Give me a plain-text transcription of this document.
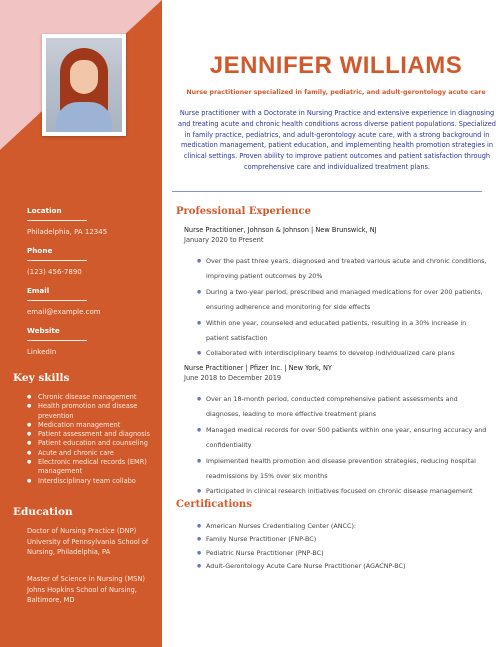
Location
Philadelphia, PA 12345
Phone
(123) 456-7890
Email
email@example.com
Website
LinkedIn
Key skills
● Chronic disease management
● Health promotion and disease prevention
● Medication management
● Patient assessment and diagnosis
● Patient education and counseling
● Acute and chronic care
● Electronic medical records (EMR) management
● Interdisciplinary team collabo
Education
Doctor of Nursing Practice (DNP)
University of Pennsylvania School of Nursing, Philadelphia, PA
Master of Science in Nursing (MSN)
Johns Hopkins School of Nursing, Baltimore, MD
JENNIFER WILLIAMS
Nurse practitioner specialized in family, pediatric, and adult-gerontology acute care
Nurse practitioner with a Doctorate in Nursing Practice and extensive experience in diagnosing and treating acute and chronic health conditions across diverse patient populations. Specialized in family practice, pediatrics, and adult-gerontology acute care, with a strong background in medication management, patient education, and implementing health promotion strategies in clinical settings. Proven ability to improve patient outcomes and patient satisfaction through comprehensive care and individualized treatment plans.
Professional Experience
Nurse Practitioner, Johnson & Johnson | New Brunswick, NJ
January 2020 to Present
● Over the past three years, diagnosed and treated various acute and chronic conditions, improving patient outcomes by 20%
● During a two-year period, prescribed and managed medications for over 200 patients, ensuring adherence and monitoring for side effects
● Within one year, counseled and educated patients, resulting in a 30% increase in patient satisfaction
● Collaborated with interdisciplinary teams to develop individualized care plans
Nurse Practitioner | Pfizer Inc. | New York, NY
June 2018 to December 2019
● Over an 18-month period, conducted comprehensive patient assessments and diagnoses, leading to more effective treatment plans
● Managed medical records for over 500 patients within one year, ensuring accuracy and confidentiality
● Implemented health promotion and disease prevention strategies, reducing hospital readmissions by 15% over six months
● Participated in clinical research initiatives focused on chronic disease management
Certifications
● American Nurses Credentialing Center (ANCC):
● Family Nurse Practitioner (FNP-BC)
● Pediatric Nurse Practitioner (PNP-BC)
● Adult-Gerontology Acute Care Nurse Practitioner (AGACNP-BC)
